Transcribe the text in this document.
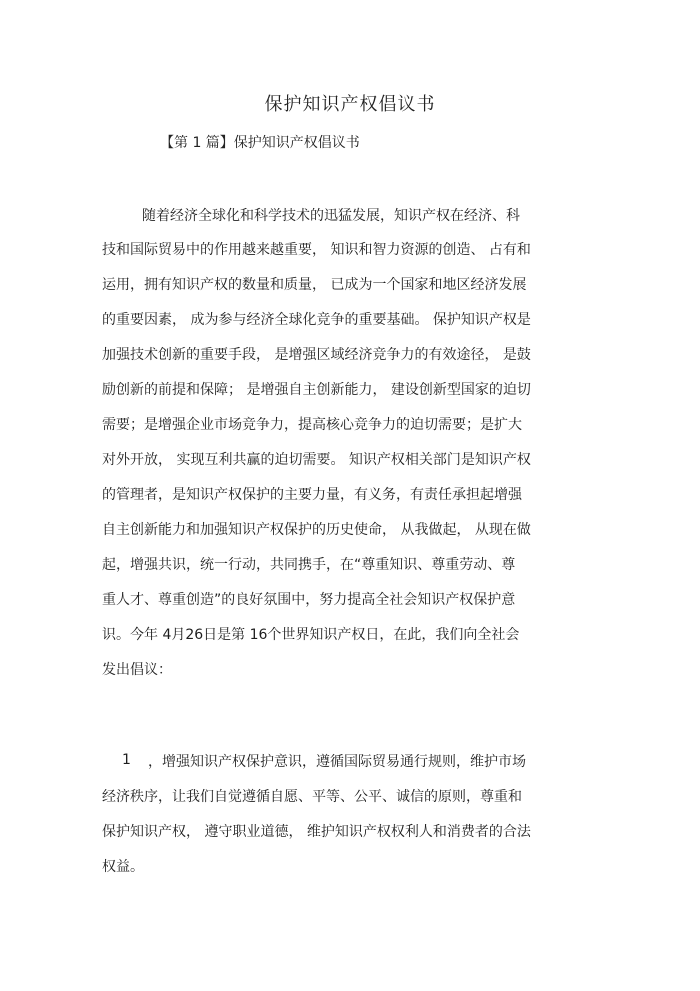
保护知识产权倡议书
【第 1 篇】保护知识产权倡议书
随着经济全球化和科学技术的迅猛发展，知识产权在经济、科
技和国际贸易中的作用越来越重要， 知识和智力资源的创造、 占有和
运用，拥有知识产权的数量和质量， 已成为一个国家和地区经济发展
的重要因素， 成为参与经济全球化竞争的重要基础。 保护知识产权是
加强技术创新的重要手段， 是增强区域经济竞争力的有效途径， 是鼓
励创新的前提和保障； 是增强自主创新能力， 建设创新型国家的迫切
需要；是增强企业市场竞争力，提高核心竞争力的迫切需要；是扩大
对外开放， 实现互利共赢的迫切需要。 知识产权相关部门是知识产权
的管理者，是知识产权保护的主要力量，有义务，有责任承担起增强
自主创新能力和加强知识产权保护的历史使命， 从我做起， 从现在做
起，增强共识，统一行动，共同携手，在“尊重知识、尊重劳动、尊
重人才、尊重创造”的良好氛围中，努力提高全社会知识产权保护意
识。今年 4月26日是第 16个世界知识产权日，在此，我们向全社会
发出倡议：
1 ，增强知识产权保护意识，遵循国际贸易通行规则，维护市场
经济秩序，让我们自觉遵循自愿、平等、公平、诚信的原则，尊重和
保护知识产权， 遵守职业道德， 维护知识产权权利人和消费者的合法
权益。
